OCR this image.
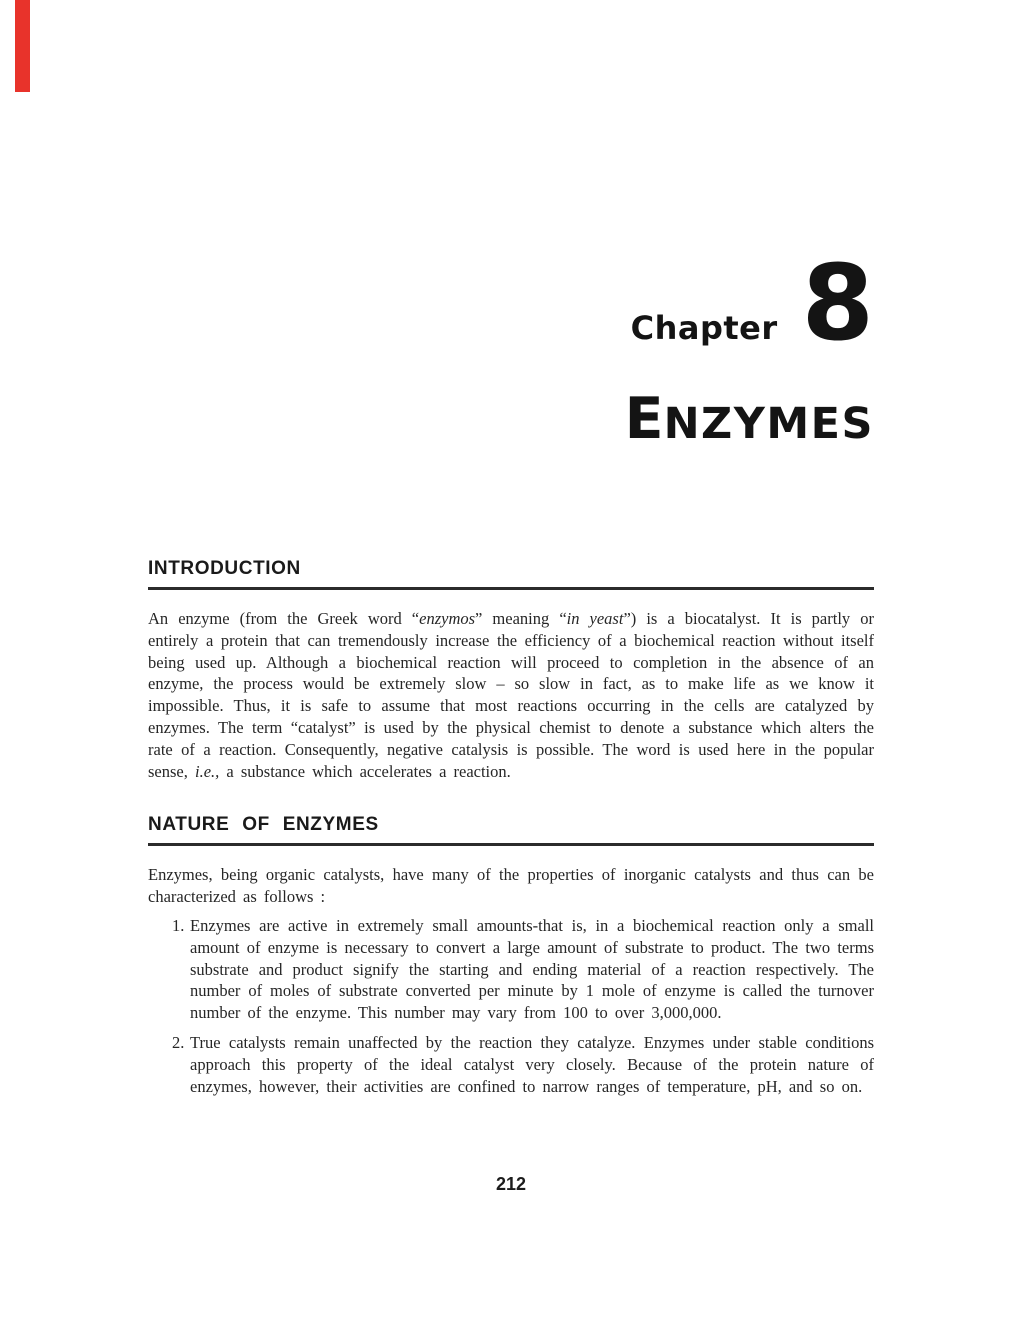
Chapter 8
ENZYMES
INTRODUCTION

An enzyme (from the Greek word “enzymos” meaning “in yeast”) is a biocatalyst. It is partly or entirely a protein that can tremendously increase the efficiency of a biochemical reaction without itself being used up. Although a biochemical reaction will proceed to completion in the absence of an enzyme, the process would be extremely slow – so slow in fact, as to make life as we know it impossible. Thus, it is safe to assume that most reactions occurring in the cells are catalyzed by enzymes. The term “catalyst” is used by the physical chemist to denote a substance which alters the rate of a reaction. Consequently, negative catalysis is possible. The word is used here in the popular sense, i.e., a substance which accelerates a reaction.

NATURE OF ENZYMES

Enzymes, being organic catalysts, have many of the properties of inorganic catalysts and thus can be characterized as follows :

1. Enzymes are active in extremely small amounts-that is, in a biochemical reaction only a small amount of enzyme is necessary to convert a large amount of substrate to product. The two terms substrate and product signify the starting and ending material of a reaction respectively. The number of moles of substrate converted per minute by 1 mole of enzyme is called the turnover number of the enzyme. This number may vary from 100 to over 3,000,000.
2. True catalysts remain unaffected by the reaction they catalyze. Enzymes under stable conditions approach this property of the ideal catalyst very closely. Because of the protein nature of enzymes, however, their activities are confined to narrow ranges of temperature, pH, and so on.
212
